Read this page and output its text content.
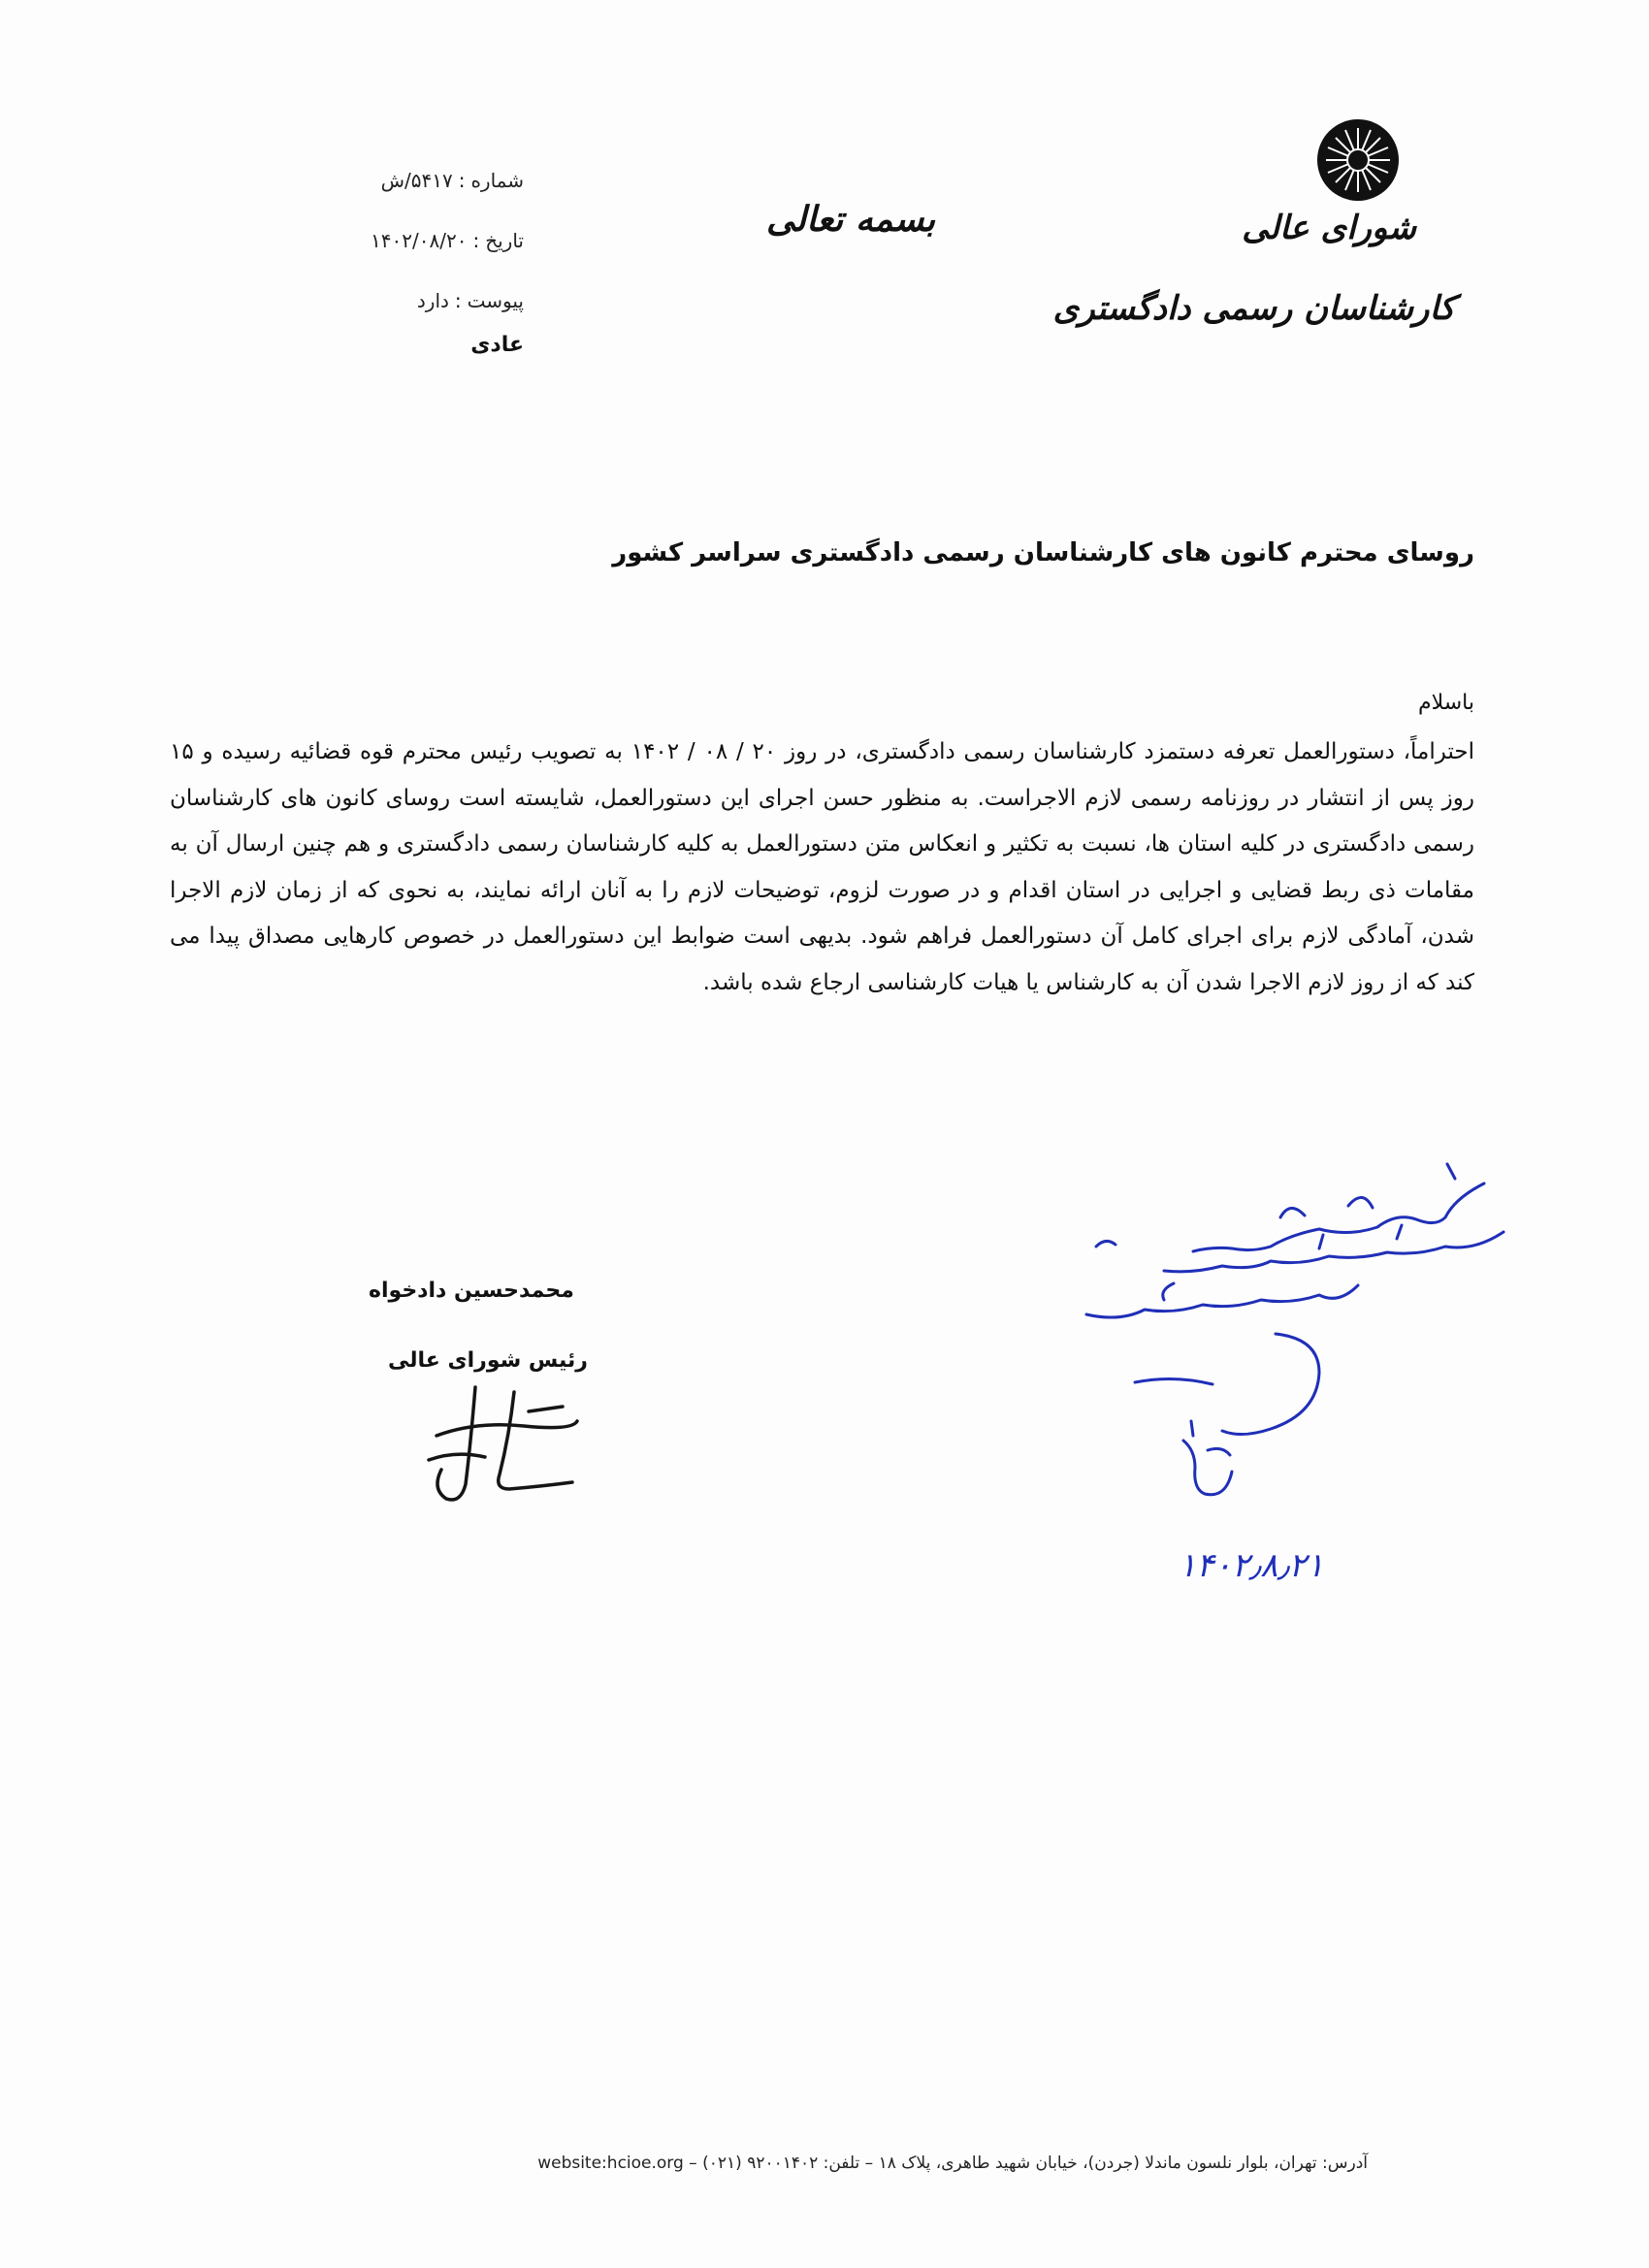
شورای عالی
کارشناسان رسمی دادگستری
بسمه تعالی
شماره
:
۵۴۱۷/ش
تاریخ
:
۱۴۰۲/۰۸/۲۰
پیوست
:
دارد
عادی
روسای محترم کانون های کارشناسان رسمی دادگستری سراسر کشور
باسلام
احتراماً، دستورالعمل تعرفه دستمزد کارشناسان رسمی دادگستری، در روز ۲۰ / ۰۸ / ۱۴۰۲ به تصویب رئیس محترم قوه قضائیه رسیده و ۱۵ روز پس از انتشار در روزنامه رسمی لازم الاجراست. به منظور حسن اجرای این دستورالعمل، شایسته است روسای کانون های کارشناسان رسمی دادگستری در کلیه استان ها، نسبت به تکثیر و انعکاس متن دستورالعمل به کلیه کارشناسان رسمی دادگستری و هم چنین ارسال آن به مقامات ذی ربط قضایی و اجرایی در استان اقدام و در صورت لزوم، توضیحات لازم را به آنان ارائه نمایند، به نحوی که از زمان لازم الاجرا شدن، آمادگی لازم برای اجرای کامل آن دستورالعمل فراهم شود. بدیهی است ضوابط این دستورالعمل در خصوص کارهایی مصداق پیدا می کند که از روز لازم الاجرا شدن آن به کارشناس یا هیات کارشناسی ارجاع شده باشد.
محمدحسین دادخواه
رئیس شورای عالی
۱۴۰۲٫۸٫۲۱
آدرس: تهران، بلوار نلسون ماندلا (جردن)، خیابان شهید طاهری، پلاک ۱۸ – تلفن: ۹۲۰۰۱۴۰۲ (۰۲۱) – website:hcioe.org
